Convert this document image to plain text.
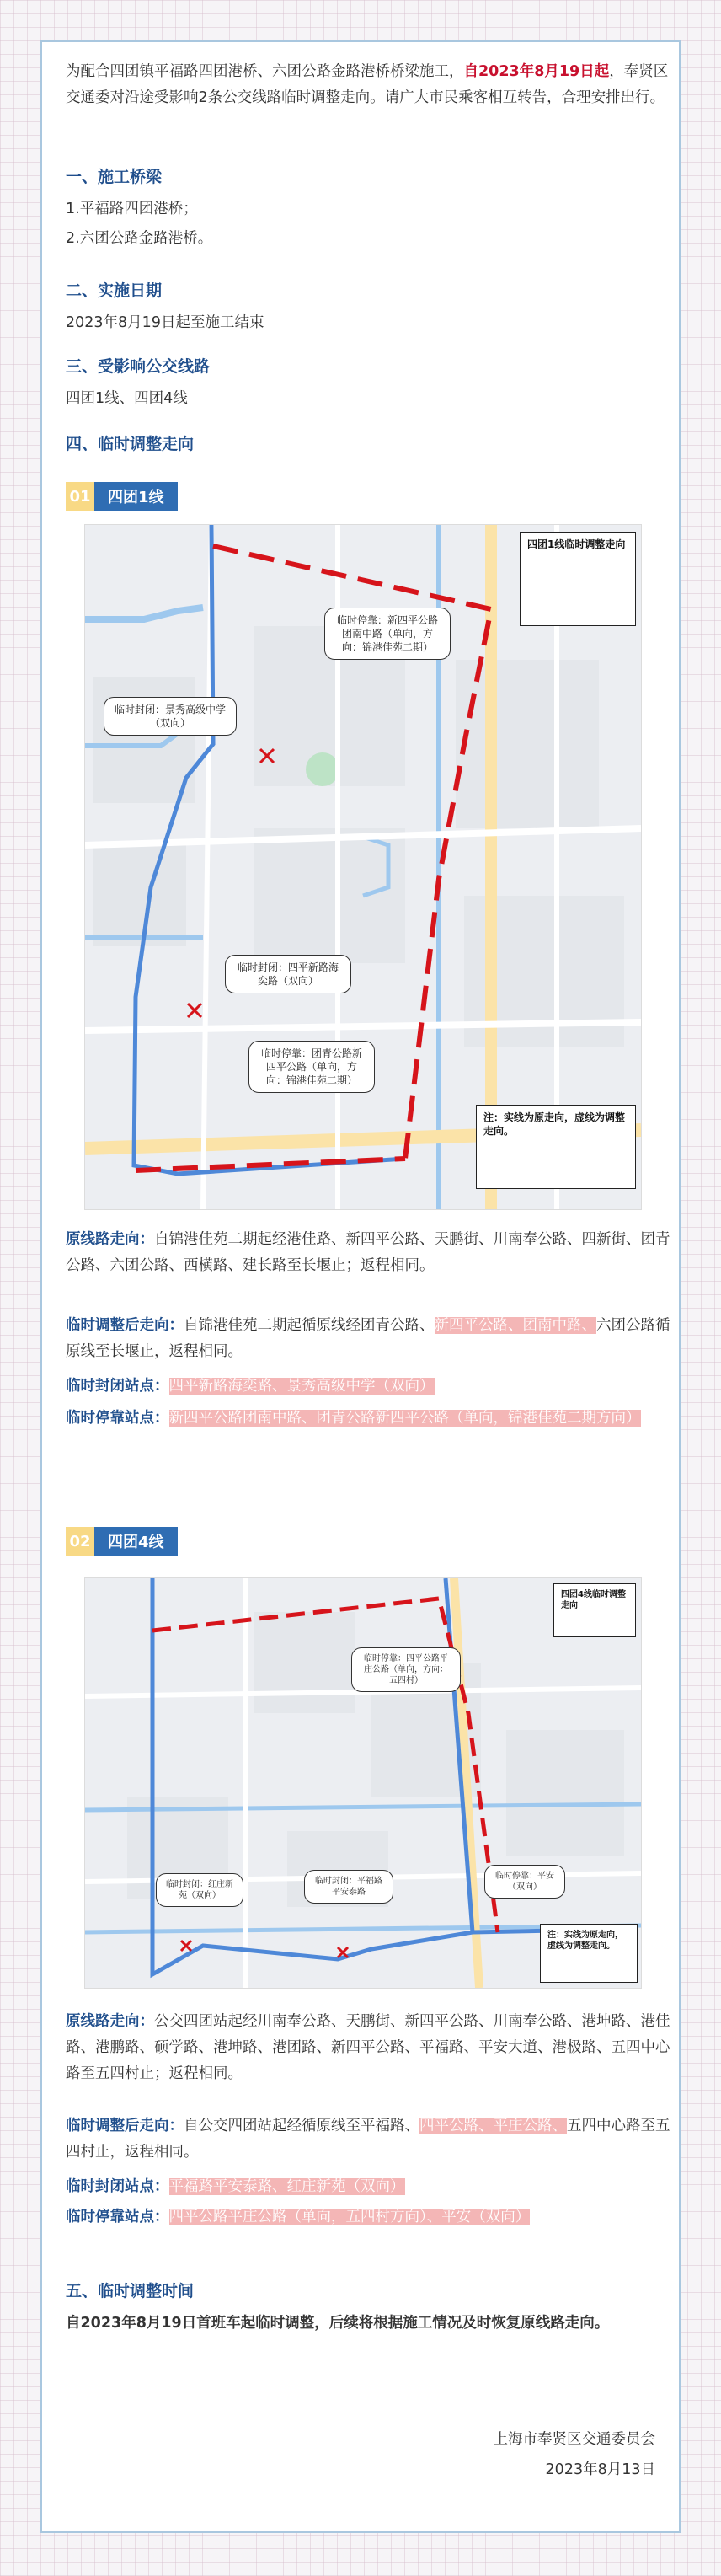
为配合四团镇平福路四团港桥、六团公路金路港桥桥梁施工，自2023年8月19日起，奉贤区交通委对沿途受影响2条公交线路临时调整走向。请广大市民乘客相互转告，合理安排出行。

一、施工桥梁
1.平福路四团港桥；
2.六团公路金路港桥。
二、实施日期
2023年8月19日起至施工结束
三、受影响公交线路
四团1线、四团4线
四、临时调整走向
01	四团1线
四团1线临时调整走向
临时停靠：新四平公路团南中路（单向，方向：锦港佳苑二期）
临时封闭：景秀高级中学（双向）
临时封闭：四平新路海奕路（双向）
临时停靠：团青公路新四平公路（单向，方向：锦港佳苑二期）
注：实线为原走向，虚线为调整走向。

原线路走向：自锦港佳苑二期起经港佳路、新四平公路、天鹏街、川南奉公路、四新街、团青公路、六团公路、西横路、建长路至长堰止；返程相同。

临时调整后走向：自锦港佳苑二期起循原线经团青公路、新四平公路、团南中路、六团公路循原线至长堰止，返程相同。

临时封闭站点：四平新路海奕路、景秀高级中学（双向）

临时停靠站点：新四平公路团南中路、团青公路新四平公路（单向，锦港佳苑二期方向）

02	四团4线
四团4线临时调整走向
临时停靠：四平公路平庄公路（单向，方向：五四村）
临时封闭：红庄新苑（双向）
临时封闭：平福路平安泰路
临时停靠：平安（双向）
注：实线为原走向，虚线为调整走向。

原线路走向：公交四团站起经川南奉公路、天鹏街、新四平公路、川南奉公路、港坤路、港佳路、港鹏路、硕学路、港坤路、港团路、新四平公路、平福路、平安大道、港极路、五四中心路至五四村止；返程相同。

临时调整后走向：自公交四团站起经循原线至平福路、四平公路、平庄公路、五四中心路至五四村止，返程相同。

临时封闭站点：平福路平安泰路、红庄新苑（双向）

临时停靠站点：四平公路平庄公路（单向，五四村方向）、平安（双向）

五、临时调整时间

自2023年8月19日首班车起临时调整，后续将根据施工情况及时恢复原线路走向。

上海市奉贤区交通委员会
2023年8月13日
